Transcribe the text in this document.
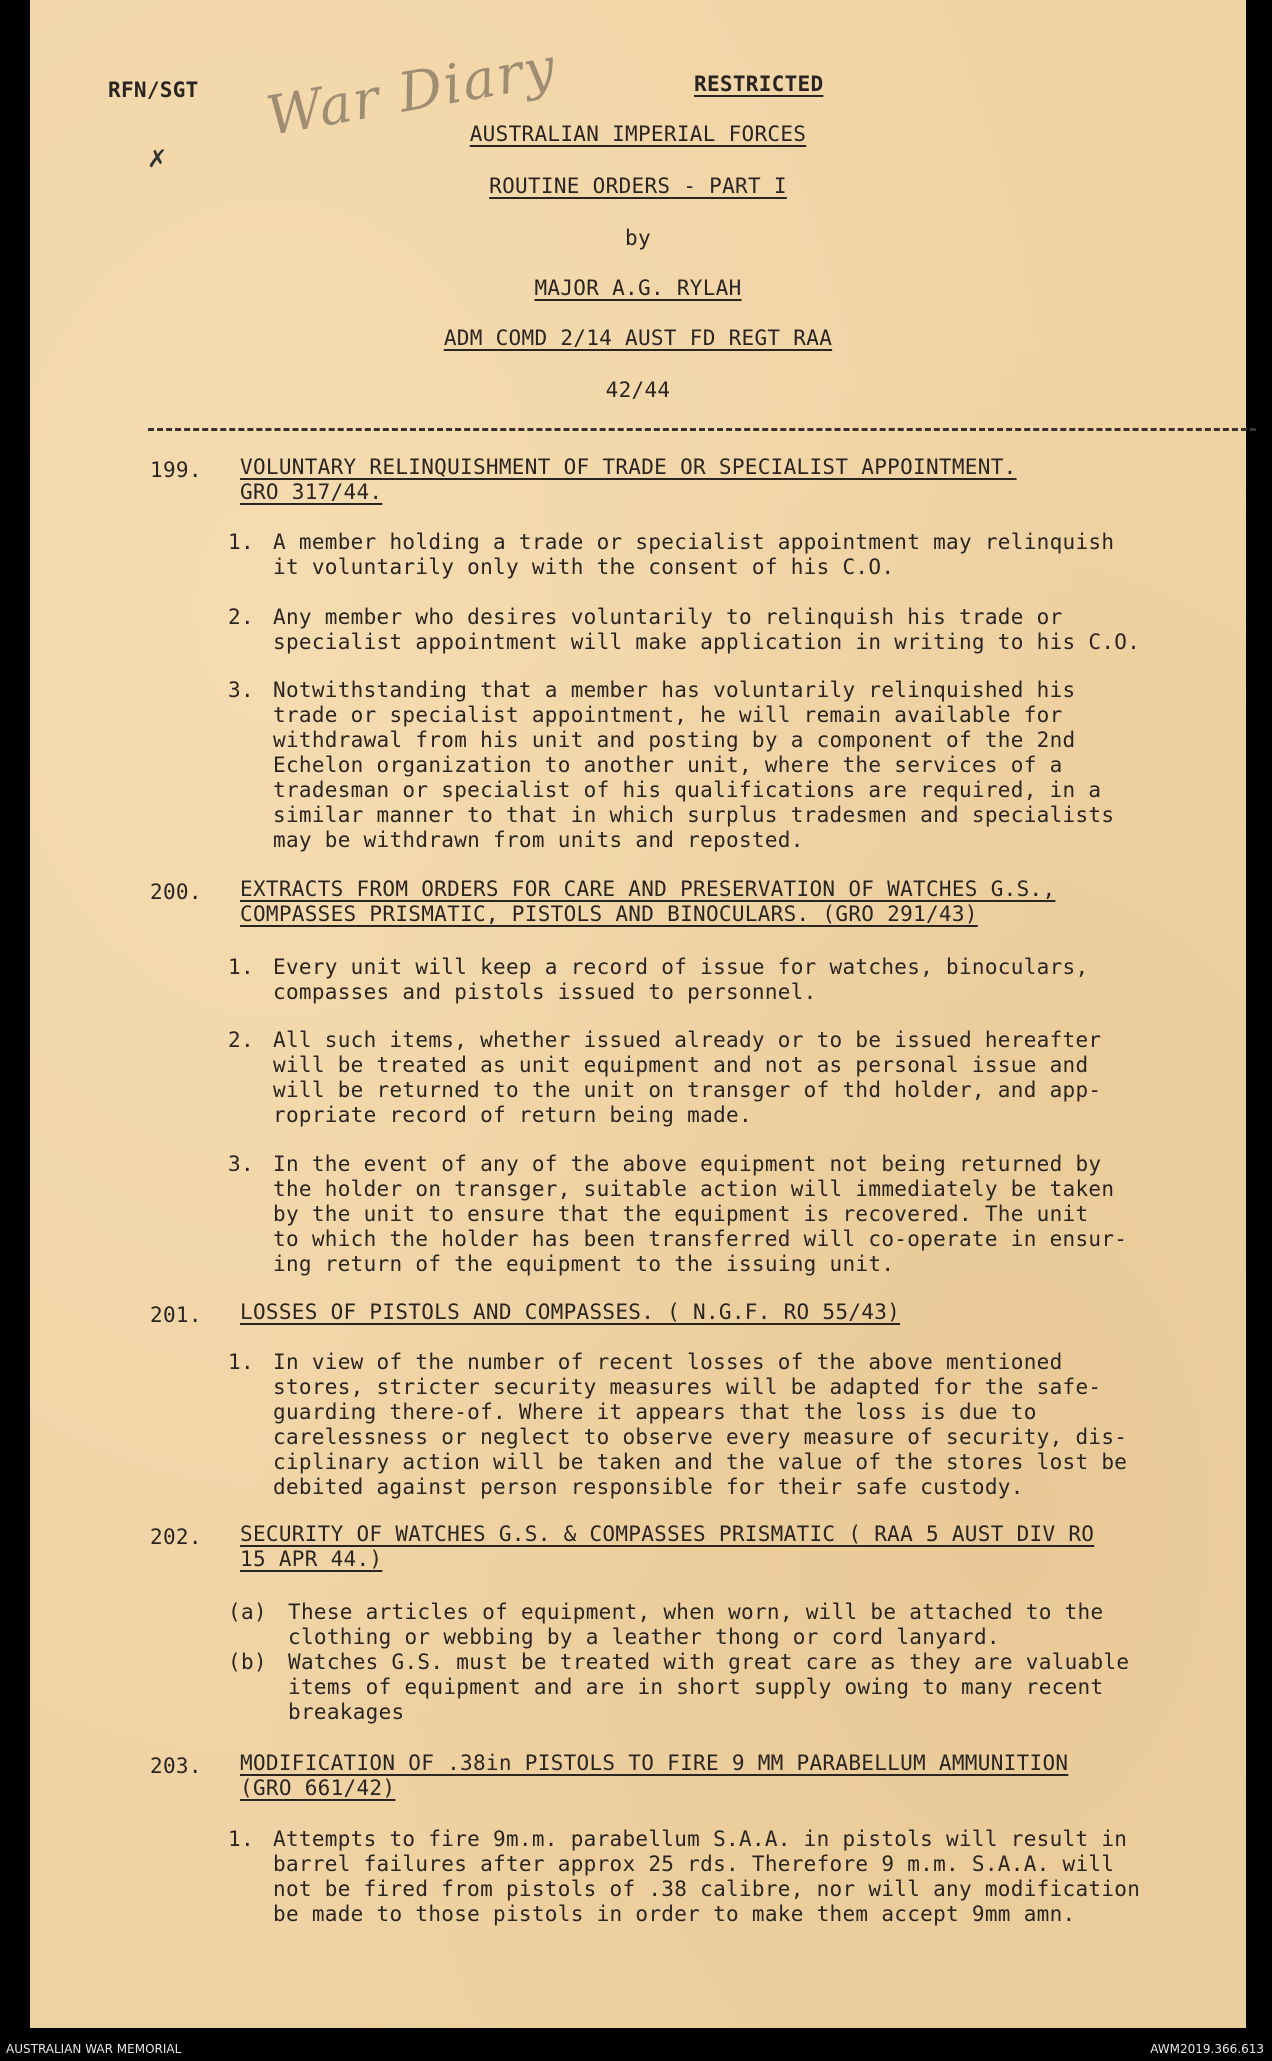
RFN/SGT	RESTRICTED
War Diary
✗
AUSTRALIAN IMPERIAL FORCES
ROUTINE ORDERS - PART I
by
MAJOR A.G. RYLAH
ADM COMD 2/14 AUST FD REGT RAA
42/44
199.	VOLUNTARY RELINQUISHMENT OF TRADE OR SPECIALIST APPOINTMENT.
GRO 317/44.
1. A member holding a trade or specialist appointment may relinquish
it voluntarily only with the consent of his C.O.
2. Any member who desires voluntarily to relinquish his trade or
specialist appointment will make application in writing to his C.O.
3. Notwithstanding that a member has voluntarily relinquished his
trade or specialist appointment, he will remain available for
withdrawal from his unit and posting by a component of the 2nd
Echelon organization to another unit, where the services of a
tradesman or specialist of his qualifications are required, in a
similar manner to that in which surplus tradesmen and specialists
may be withdrawn from units and reposted.
200.	EXTRACTS FROM ORDERS FOR CARE AND PRESERVATION OF WATCHES G.S.,
COMPASSES PRISMATIC, PISTOLS AND BINOCULARS. (GRO 291/43)
1. Every unit will keep a record of issue for watches, binoculars,
compasses and pistols issued to personnel.
2. All such items, whether issued already or to be issued hereafter
will be treated as unit equipment and not as personal issue and
will be returned to the unit on transger of thd holder, and app-
ropriate record of return being made.
3. In the event of any of the above equipment not being returned by
the holder on transger, suitable action will immediately be taken
by the unit to ensure that the equipment is recovered. The unit
to which the holder has been transferred will co-operate in ensur-
ing return of the equipment to the issuing unit.
201.	LOSSES OF PISTOLS AND COMPASSES. ( N.G.F. RO 55/43)
1. In view of the number of recent losses of the above mentioned
stores, stricter security measures will be adapted for the safe-
guarding there-of. Where it appears that the loss is due to
carelessness or neglect to observe every measure of security, dis-
ciplinary action will be taken and the value of the stores lost be
debited against person responsible for their safe custody.
202.	SECURITY OF WATCHES G.S. & COMPASSES PRISMATIC ( RAA 5 AUST DIV RO
15 APR 44.)
(a)	These articles of equipment, when worn, will be attached to the
clothing or webbing by a leather thong or cord lanyard.
(b)	Watches G.S. must be treated with great care as they are valuable
items of equipment and are in short supply owing to many recent
breakages
203.	MODIFICATION OF .38in PISTOLS TO FIRE 9 MM PARABELLUM AMMUNITION
(GRO 661/42)
1. Attempts to fire 9m.m. parabellum S.A.A. in pistols will result in
barrel failures after approx 25 rds. Therefore 9 m.m. S.A.A. will
not be fired from pistols of .38 calibre, nor will any modification
be made to those pistols in order to make them accept 9mm amn.
AUSTRALIAN WAR MEMORIAL	AWM2019.366.613
